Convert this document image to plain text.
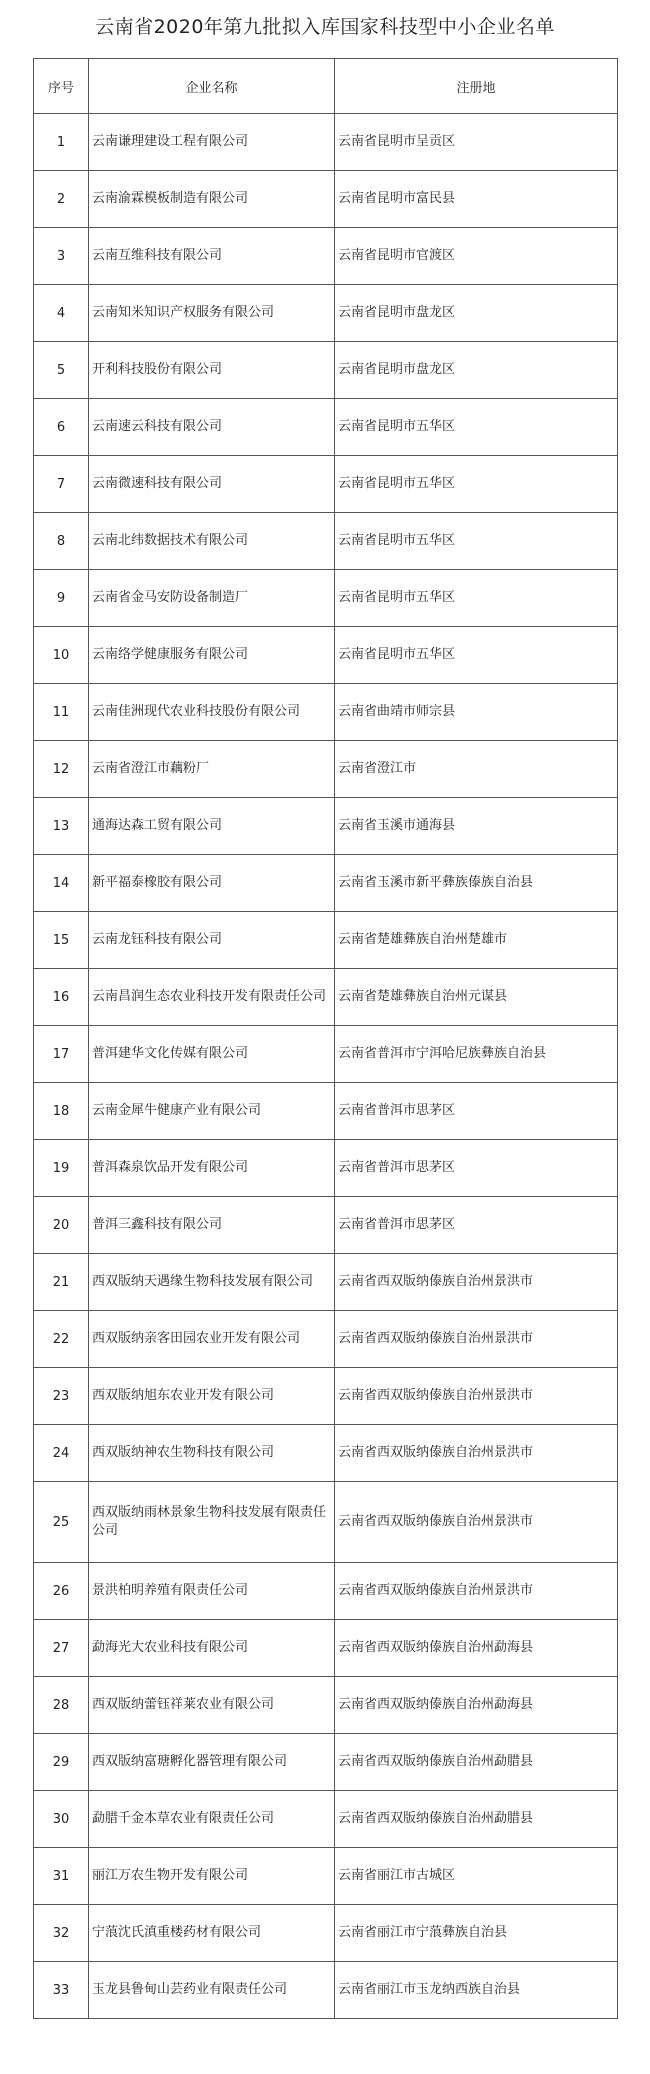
云南省2020年第九批拟入库国家科技型中小企业名单
序号	企业名称	注册地
1	云南谦理建设工程有限公司	云南省昆明市呈贡区
2	云南渝霖模板制造有限公司	云南省昆明市富民县
3	云南互维科技有限公司	云南省昆明市官渡区
4	云南知米知识产权服务有限公司	云南省昆明市盘龙区
5	开利科技股份有限公司	云南省昆明市盘龙区
6	云南速云科技有限公司	云南省昆明市五华区
7	云南微速科技有限公司	云南省昆明市五华区
8	云南北纬数据技术有限公司	云南省昆明市五华区
9	云南省金马安防设备制造厂	云南省昆明市五华区
10	云南络学健康服务有限公司	云南省昆明市五华区
11	云南佳洲现代农业科技股份有限公司	云南省曲靖市师宗县
12	云南省澄江市藕粉厂	云南省澄江市
13	通海达森工贸有限公司	云南省玉溪市通海县
14	新平福泰橡胶有限公司	云南省玉溪市新平彝族傣族自治县
15	云南龙钰科技有限公司	云南省楚雄彝族自治州楚雄市
16	云南昌润生态农业科技开发有限责任公司	云南省楚雄彝族自治州元谋县
17	普洱建华文化传媒有限公司	云南省普洱市宁洱哈尼族彝族自治县
18	云南金犀牛健康产业有限公司	云南省普洱市思茅区
19	普洱森泉饮品开发有限公司	云南省普洱市思茅区
20	普洱三鑫科技有限公司	云南省普洱市思茅区
21	西双版纳天遇缘生物科技发展有限公司	云南省西双版纳傣族自治州景洪市
22	西双版纳亲客田园农业开发有限公司	云南省西双版纳傣族自治州景洪市
23	西双版纳旭东农业开发有限公司	云南省西双版纳傣族自治州景洪市
24	西双版纳神农生物科技有限公司	云南省西双版纳傣族自治州景洪市
25	西双版纳雨林景象生物科技发展有限责任公司	云南省西双版纳傣族自治州景洪市
26	景洪柏明养殖有限责任公司	云南省西双版纳傣族自治州景洪市
27	勐海光大农业科技有限公司	云南省西双版纳傣族自治州勐海县
28	西双版纳蕾钰祥莱农业有限公司	云南省西双版纳傣族自治州勐海县
29	西双版纳富瑭孵化器管理有限公司	云南省西双版纳傣族自治州勐腊县
30	勐腊千金本草农业有限责任公司	云南省西双版纳傣族自治州勐腊县
31	丽江万农生物开发有限公司	云南省丽江市古城区
32	宁蒗沈氏滇重楼药材有限公司	云南省丽江市宁蒗彝族自治县
33	玉龙县鲁甸山芸药业有限责任公司	云南省丽江市玉龙纳西族自治县
